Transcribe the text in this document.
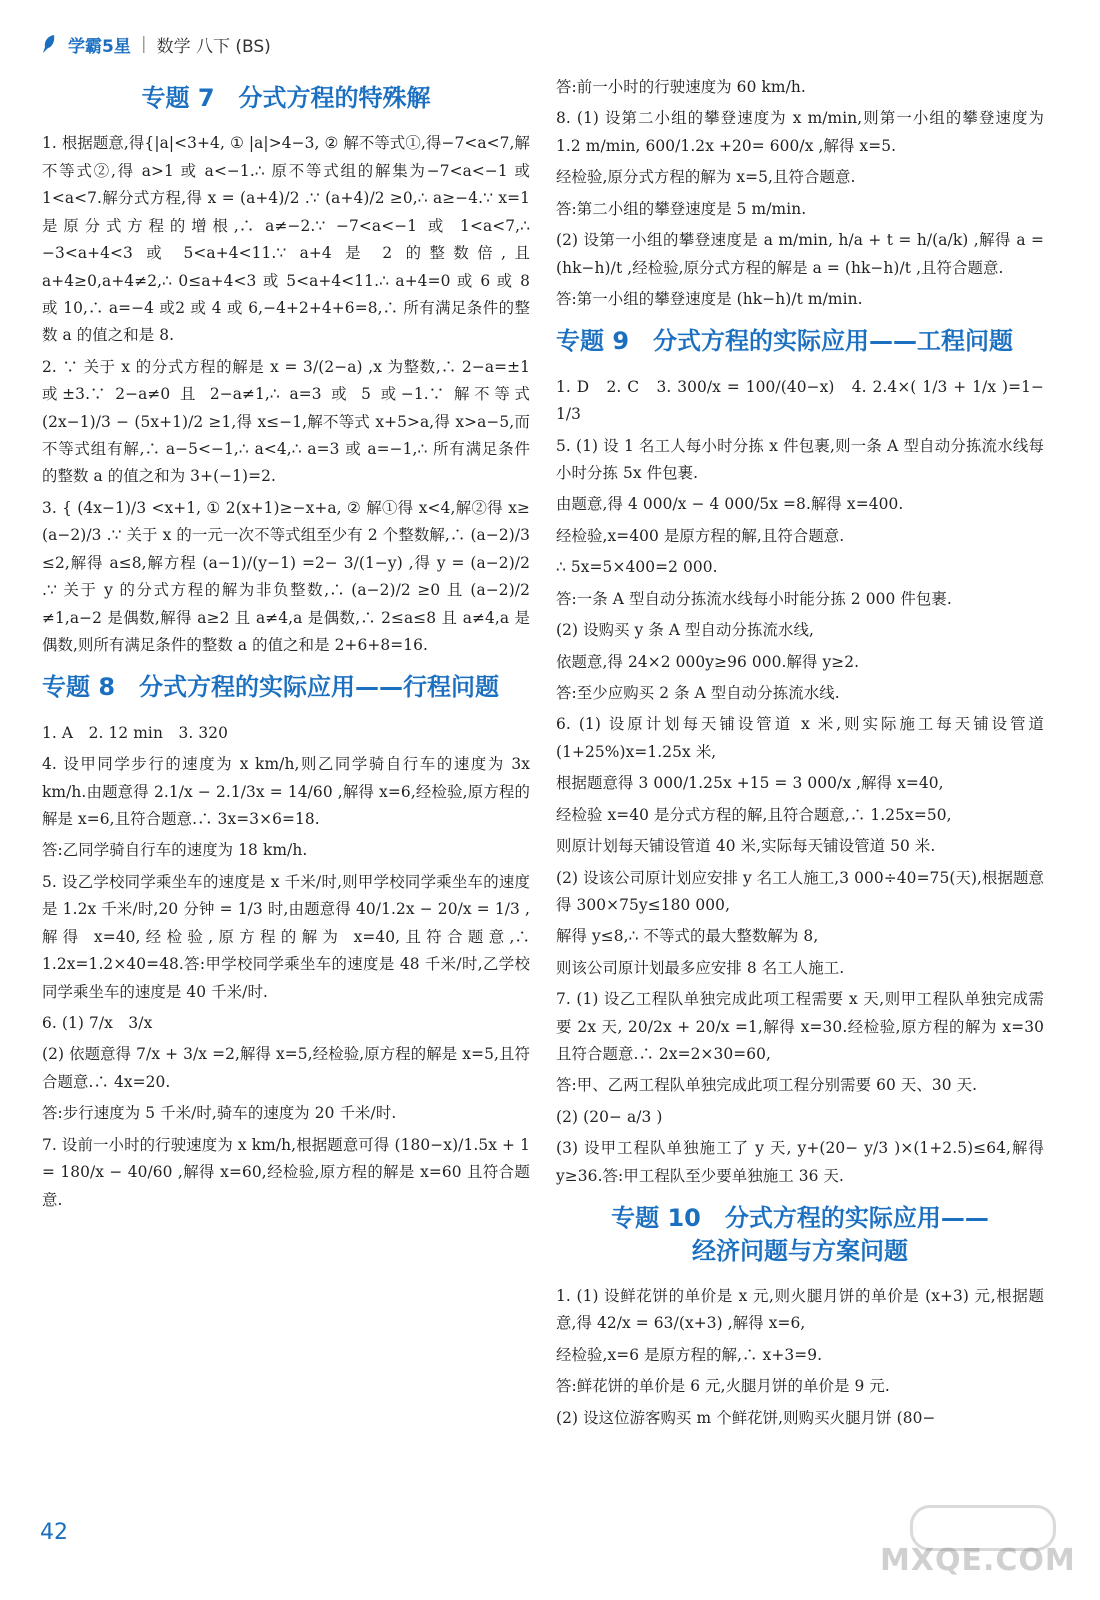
学霸5星 | 数学 八下 (BS)
专题 7　分式方程的特殊解
1. 根据题意,得{|a|<3+4, ① |a|>4−3, ② 解不等式①,得−7<a<7,解不等式②,得 a>1 或 a<−1.∴ 原不等式组的解集为−7<a<−1 或 1<a<7.解分式方程,得 x = (a+4)/2 .∵ (a+4)/2 ≥0,∴ a≥−4.∵ x=1 是原分式方程的增根,∴ a≠−2.∵ −7<a<−1 或 1<a<7,∴ −3<a+4<3 或 5<a+4<11.∵ a+4 是 2 的整数倍,且 a+4≥0,a+4≠2,∴ 0≤a+4<3 或 5<a+4<11.∴ a+4=0 或 6 或 8 或 10,∴ a=−4 或2 或 4 或 6,−4+2+4+6=8,∴ 所有满足条件的整数 a 的值之和是 8.
2. ∵ 关于 x 的分式方程的解是 x = 3/(2−a) ,x 为整数,∴ 2−a=±1 或±3.∵ 2−a≠0 且 2−a≠1,∴ a=3 或 5 或−1.∵ 解不等式 (2x−1)/3 − (5x+1)/2 ≥1,得 x≤−1,解不等式 x+5>a,得 x>a−5,而不等式组有解,∴ a−5<−1,∴ a<4,∴ a=3 或 a=−1,∴ 所有满足条件的整数 a 的值之和为 3+(−1)=2.
3. { (4x−1)/3 <x+1, ① 2(x+1)≥−x+a, ② 解①得 x<4,解②得 x≥ (a−2)/3 .∵ 关于 x 的一元一次不等式组至少有 2 个整数解,∴ (a−2)/3 ≤2,解得 a≤8,解方程 (a−1)/(y−1) =2− 3/(1−y) ,得 y = (a−2)/2 .∵ 关于 y 的分式方程的解为非负整数,∴ (a−2)/2 ≥0 且 (a−2)/2 ≠1,a−2 是偶数,解得 a≥2 且 a≠4,a 是偶数,∴ 2≤a≤8 且 a≠4,a 是偶数,则所有满足条件的整数 a 的值之和是 2+6+8=16.
专题 8　分式方程的实际应用——行程问题
1. A　2. 12 min　3. 320
4. 设甲同学步行的速度为 x km/h,则乙同学骑自行车的速度为 3x km/h.由题意得 2.1/x − 2.1/3x = 14/60 ,解得 x=6,经检验,原方程的解是 x=6,且符合题意.∴ 3x=3×6=18.
答:乙同学骑自行车的速度为 18 km/h.
5. 设乙学校同学乘坐车的速度是 x 千米/时,则甲学校同学乘坐车的速度是 1.2x 千米/时,20 分钟 = 1/3 时,由题意得 40/1.2x − 20/x = 1/3 ,解得 x=40,经检验,原方程的解为 x=40,且符合题意,∴ 1.2x=1.2×40=48.答:甲学校同学乘坐车的速度是 48 千米/时,乙学校同学乘坐车的速度是 40 千米/时.
6. (1) 7/x　3/x
(2) 依题意得 7/x + 3/x =2,解得 x=5,经检验,原方程的解是 x=5,且符合题意.∴ 4x=20.
答:步行速度为 5 千米/时,骑车的速度为 20 千米/时.
7. 设前一小时的行驶速度为 x km/h,根据题意可得 (180−x)/1.5x + 1 = 180/x − 40/60 ,解得 x=60,经检验,原方程的解是 x=60 且符合题意.
答:前一小时的行驶速度为 60 km/h.
8. (1) 设第二小组的攀登速度为 x m/min,则第一小组的攀登速度为 1.2 m/min, 600/1.2x +20= 600/x ,解得 x=5.
经检验,原分式方程的解为 x=5,且符合题意.
答:第二小组的攀登速度是 5 m/min.
(2) 设第一小组的攀登速度是 a m/min, h/a + t = h/(a/k) ,解得 a = (hk−h)/t ,经检验,原分式方程的解是 a = (hk−h)/t ,且符合题意.
答:第一小组的攀登速度是 (hk−h)/t m/min.
专题 9　分式方程的实际应用——工程问题
1. D　2. C　3. 300/x = 100/(40−x)　4. 2.4×( 1/3 + 1/x )=1− 1/3
5. (1) 设 1 名工人每小时分拣 x 件包裹,则一条 A 型自动分拣流水线每小时分拣 5x 件包裹.
由题意,得 4 000/x − 4 000/5x =8.解得 x=400.
经检验,x=400 是原方程的解,且符合题意.
∴ 5x=5×400=2 000.
答:一条 A 型自动分拣流水线每小时能分拣 2 000 件包裹.
(2) 设购买 y 条 A 型自动分拣流水线,
依题意,得 24×2 000y≥96 000.解得 y≥2.
答:至少应购买 2 条 A 型自动分拣流水线.
6. (1) 设原计划每天铺设管道 x 米,则实际施工每天铺设管道 (1+25%)x=1.25x 米,
根据题意得 3 000/1.25x +15 = 3 000/x ,解得 x=40,
经检验 x=40 是分式方程的解,且符合题意,∴ 1.25x=50,
则原计划每天铺设管道 40 米,实际每天铺设管道 50 米.
(2) 设该公司原计划应安排 y 名工人施工,3 000÷40=75(天),根据题意得 300×75y≤180 000,
解得 y≤8,∴ 不等式的最大整数解为 8,
则该公司原计划最多应安排 8 名工人施工.
7. (1) 设乙工程队单独完成此项工程需要 x 天,则甲工程队单独完成需要 2x 天, 20/2x + 20/x =1,解得 x=30.经检验,原方程的解为 x=30 且符合题意.∴ 2x=2×30=60,
答:甲、乙两工程队单独完成此项工程分别需要 60 天、30 天.
(2) (20− a/3 )
(3) 设甲工程队单独施工了 y 天, y+(20− y/3 )×(1+2.5)≤64,解得 y≥36.答:甲工程队至少要单独施工 36 天.
专题 10　分式方程的实际应用——
经济问题与方案问题
1. (1) 设鲜花饼的单价是 x 元,则火腿月饼的单价是 (x+3) 元,根据题意,得 42/x = 63/(x+3) ,解得 x=6,
经检验,x=6 是原方程的解,∴ x+3=9.
答:鲜花饼的单价是 6 元,火腿月饼的单价是 9 元.
(2) 设这位游客购买 m 个鲜花饼,则购买火腿月饼 (80−
42
MXQE.COM
